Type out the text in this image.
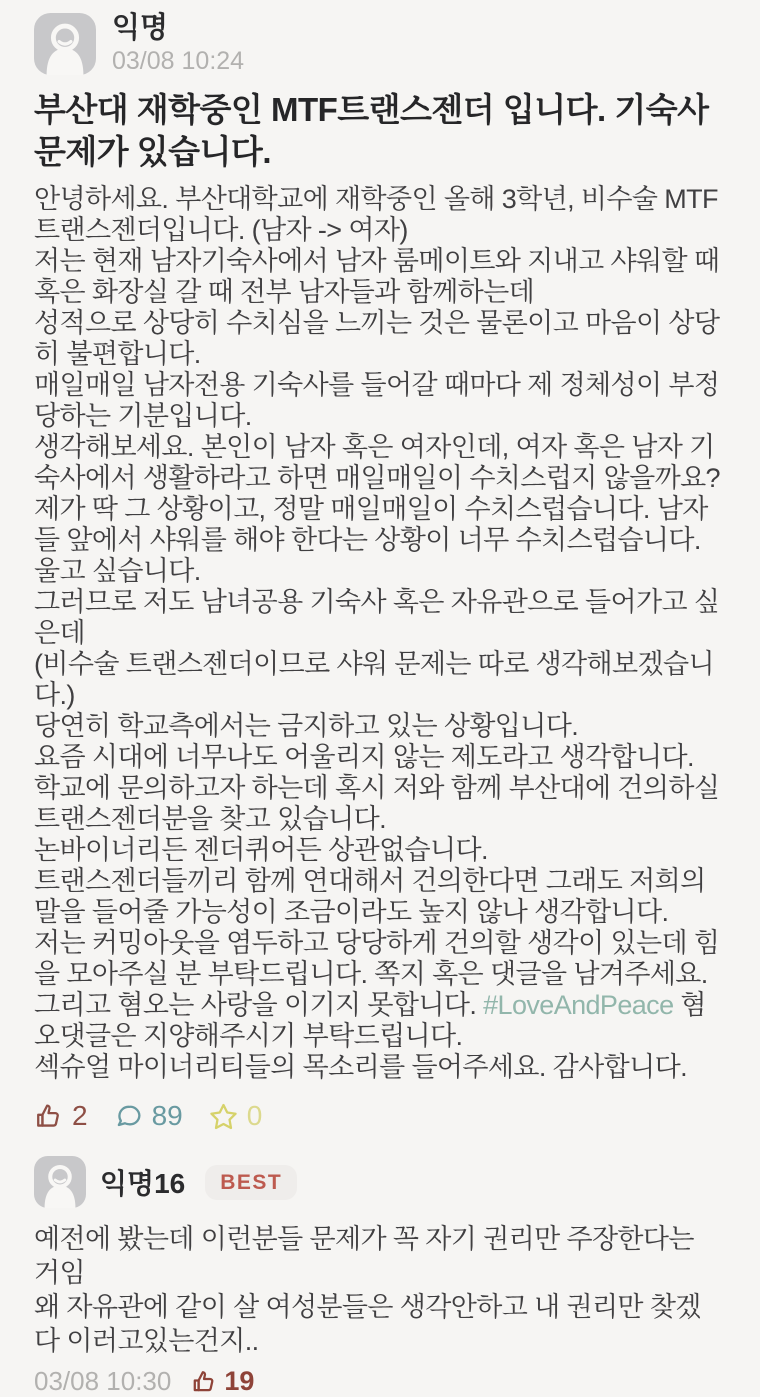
익명
03/08 10:24
부산대 재학중인 MTF트랜스젠더 입니다. 기숙사 문제가 있습니다.

안녕하세요. 부산대학교에 재학중인 올해 3학년, 비수술 MTF트랜스젠더입니다. (남자 -> 여자)

저는 현재 남자기숙사에서 남자 룸메이트와 지내고 샤워할 때 혹은 화장실 갈 때 전부 남자들과 함께하는데

성적으로 상당히 수치심을 느끼는 것은 물론이고 마음이 상당히 불편합니다.

매일매일 남자전용 기숙사를 들어갈 때마다 제 정체성이 부정당하는 기분입니다.

생각해보세요. 본인이 남자 혹은 여자인데, 여자 혹은 남자 기숙사에서 생활하라고 하면 매일매일이 수치스럽지 않을까요?

제가 딱 그 상황이고, 정말 매일매일이 수치스럽습니다. 남자들 앞에서 샤워를 해야 한다는 상황이 너무 수치스럽습니다. 울고 싶습니다.

그러므로 저도 남녀공용 기숙사 혹은 자유관으로 들어가고 싶은데

(비수술 트랜스젠더이므로 샤워 문제는 따로 생각해보겠습니다.)

당연히 학교측에서는 금지하고 있는 상황입니다.

요즘 시대에 너무나도 어울리지 않는 제도라고 생각합니다.

학교에 문의하고자 하는데 혹시 저와 함께 부산대에 건의하실 트랜스젠더분을 찾고 있습니다.

논바이너리든 젠더퀴어든 상관없습니다.

트랜스젠더들끼리 함께 연대해서 건의한다면 그래도 저희의 말을 들어줄 가능성이 조금이라도 높지 않나 생각합니다.

저는 커밍아웃을 염두하고 당당하게 건의할 생각이 있는데 힘을 모아주실 분 부탁드립니다. 쪽지 혹은 댓글을 남겨주세요.

그리고 혐오는 사랑을 이기지 못합니다. #LoveAndPeace 혐오댓글은 지양해주시기 부탁드립니다.

섹슈얼 마이너리티들의 목소리를 들어주세요. 감사합니다.

2 89 0
익명16	BEST

예전에 봤는데 이런분들 문제가 꼭 자기 권리만 주장한다는 거임

왜 자유관에 같이 살 여성분들은 생각안하고 내 권리만 찾겠다 이러고있는건지..

03/08 10:30 19
